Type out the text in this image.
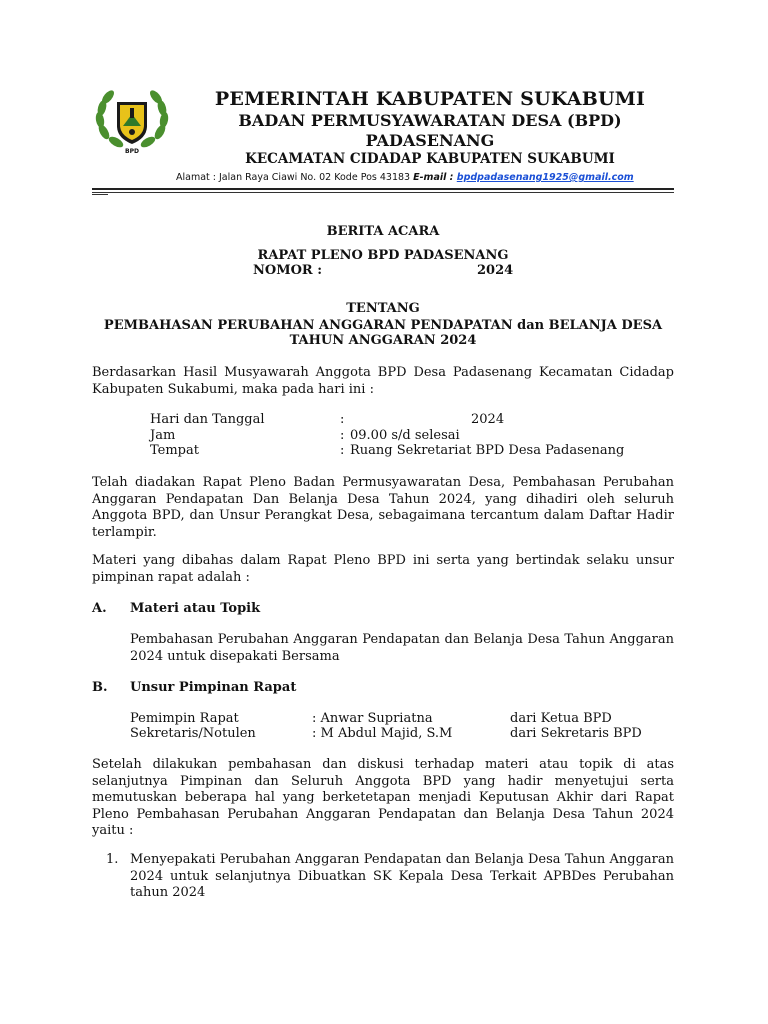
BPD
PEMERINTAH KABUPATEN SUKABUMI
BADAN PERMUSYAWARATAN DESA (BPD)
PADASENANG
KECAMATAN CIDADAP KABUPATEN SUKABUMI
Alamat : Jalan Raya Ciawi No. 02 Kode Pos 43183 E-mail : bpdpadasenang1925@gmail.com
BERITA ACARA
RAPAT PLENO BPD PADASENANG
NOMOR :	2024
TENTANG
PEMBAHASAN PERUBAHAN ANGGARAN PENDAPATAN dan BELANJA DESA
TAHUN ANGGARAN 2024
Berdasarkan Hasil Musyawarah Anggota BPD Desa Padasenang Kecamatan Cidadap Kabupaten Sukabumi, maka pada hari ini :
Hari dan Tanggal	:	2024
Jam	: 09.00 s/d selesai
Tempat	: Ruang Sekretariat BPD Desa Padasenang
Telah diadakan Rapat Pleno Badan Permusyawaratan Desa, Pembahasan Perubahan Anggaran Pendapatan Dan Belanja Desa Tahun 2024, yang dihadiri oleh seluruh Anggota BPD, dan Unsur Perangkat Desa, sebagaimana tercantum dalam Daftar Hadir terlampir.
Materi yang dibahas dalam Rapat Pleno BPD ini serta yang bertindak selaku unsur pimpinan rapat adalah :
A. Materi atau Topik
Pembahasan Perubahan Anggaran Pendapatan dan Belanja Desa Tahun Anggaran 2024 untuk disepakati Bersama
B. Unsur Pimpinan Rapat
Pemimpin Rapat	: Anwar Supriatna	dari Ketua BPD
Sekretaris/Notulen	: M Abdul Majid, S.M	dari Sekretaris BPD
Setelah dilakukan pembahasan dan diskusi terhadap materi atau topik di atas selanjutnya Pimpinan dan Seluruh Anggota BPD yang hadir menyetujui serta memutuskan beberapa hal yang berketetapan menjadi Keputusan Akhir dari Rapat Pleno Pembahasan Perubahan Anggaran Pendapatan dan Belanja Desa Tahun 2024 yaitu :
1. Menyepakati Perubahan Anggaran Pendapatan dan Belanja Desa Tahun Anggaran 2024 untuk selanjutnya Dibuatkan SK Kepala Desa Terkait APBDes Perubahan tahun 2024
